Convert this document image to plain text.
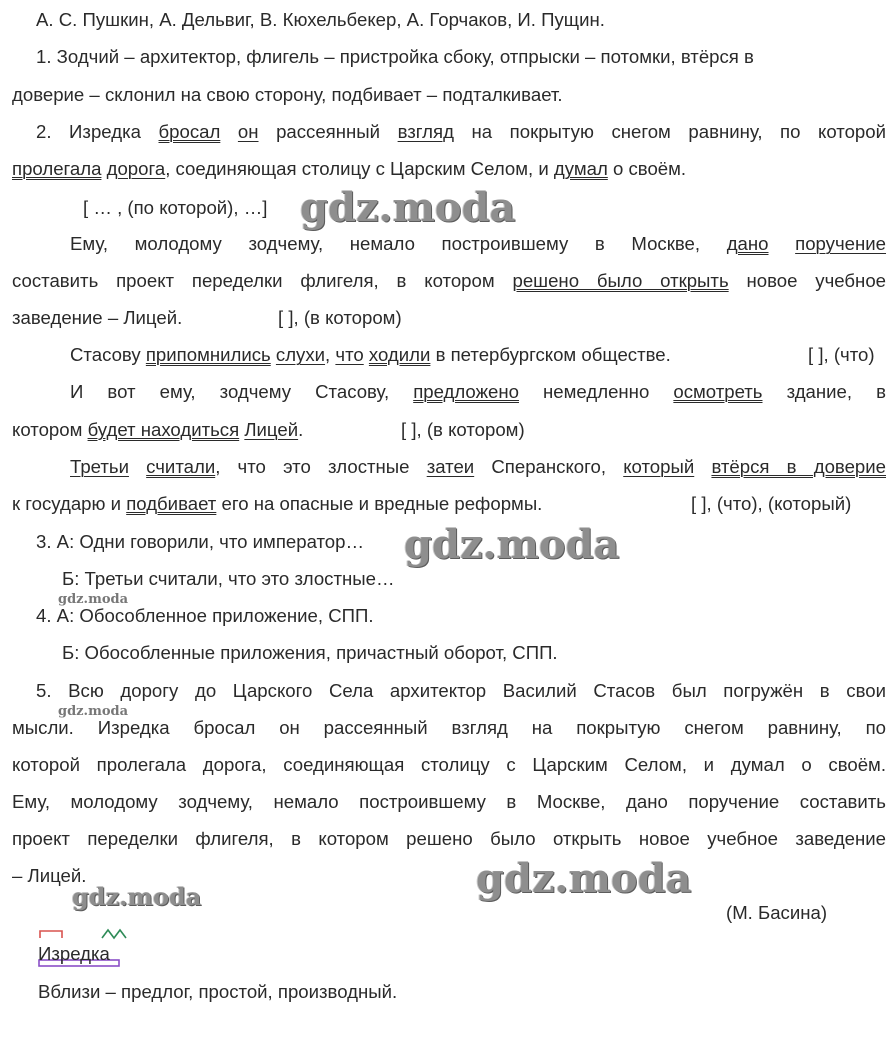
А. С. Пушкин, А. Дельвиг, В. Кюхельбекер, А. Горчаков, И. Пущин.
1. Зодчий – архитектор, флигель – пристройка сбоку, отпрыски – потомки, втёрся в
доверие – склонил на свою сторону, подбивает – подталкивает.
2. Изредка бросал он рассеянный взгляд на покрытую снегом равнину, по которой
пролегала дорога, соединяющая столицу с Царским Селом, и думал о своём.
[ … , (по которой), …]
Ему, молодому зодчему, немало построившему в Москве, дано поручение
составить проект переделки флигеля, в котором решено было открыть новое учебное
заведение – Лицей.	[ ], (в котором)
Стасову припомнились слухи, что ходили в петербургском обществе.	[ ], (что)
И вот ему, зодчему Стасову, предложено немедленно осмотреть здание, в
котором будет находиться Лицей.	[ ], (в котором)
Третьи считали, что это злостные затеи Сперанского, который втёрся в доверие
к государю и подбивает его на опасные и вредные реформы.	[ ], (что), (который)
3. А: Одни говорили, что император…
Б: Третьи считали, что это злостные…
4. А: Обособленное приложение, СПП.
Б: Обособленные приложения, причастный оборот, СПП.
5. Всю дорогу до Царского Села архитектор Василий Стасов был погружён в свои
мысли. Изредка бросал он рассеянный взгляд на покрытую снегом равнину, по
которой пролегала дорога, соединяющая столицу с Царским Селом, и думал о своём.
Ему, молодому зодчему, немало построившему в Москве, дано поручение составить
проект переделки флигеля, в котором решено было открыть новое учебное заведение
– Лицей.
(М. Басина)
Изредка
Вблизи – предлог, простой, производный.
gdz.moda
gdz.moda
gdz.moda
gdz.moda
gdz.moda
gdz.moda
